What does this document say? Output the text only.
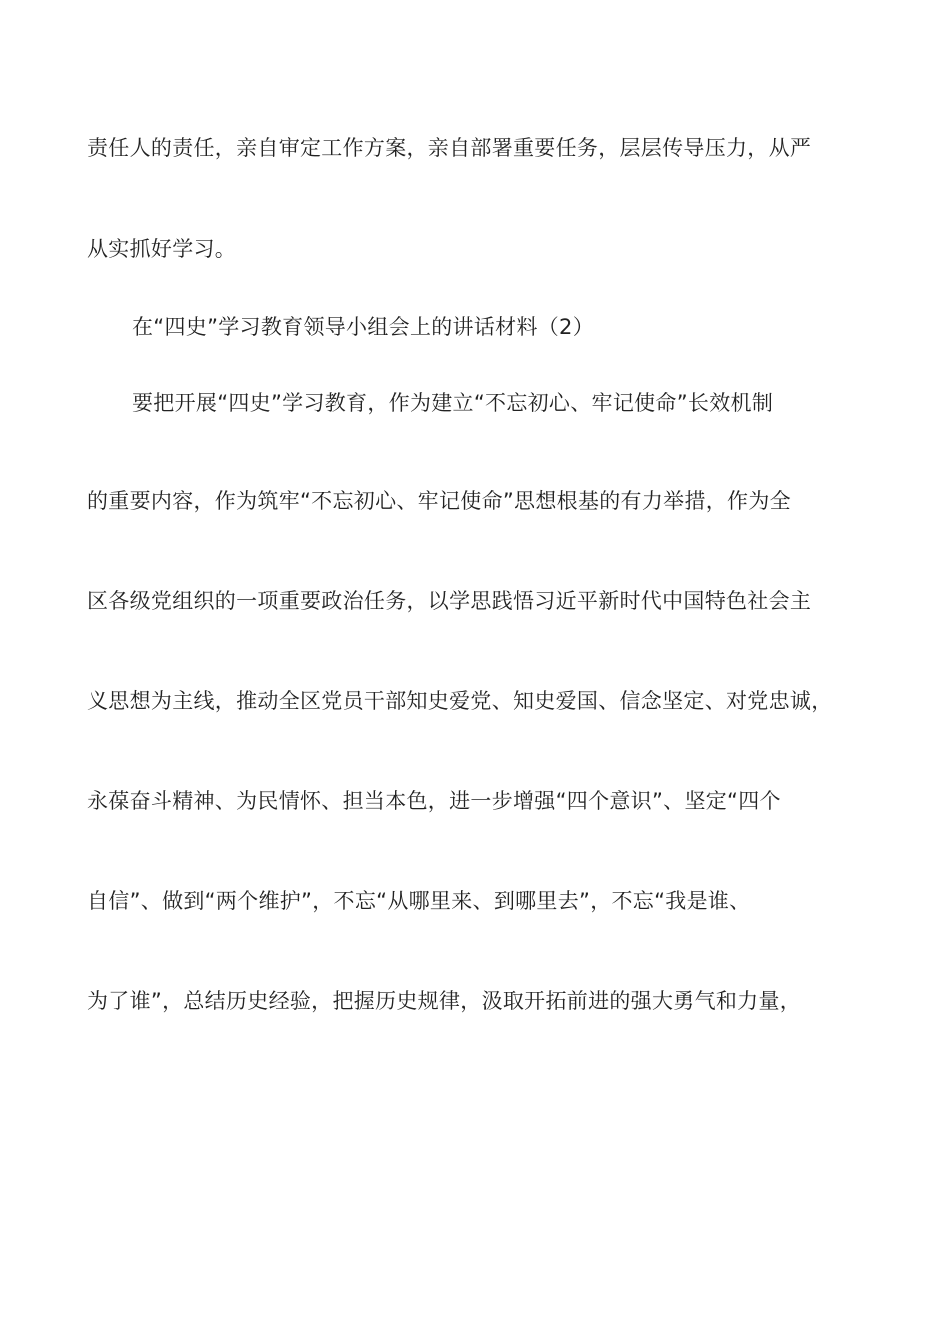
责任人的责任，亲自审定工作方案，亲自部署重要任务，层层传导压力，从严
从实抓好学习。
在“四史”学习教育领导小组会上的讲话材料（2）
要把开展“四史”学习教育，作为建立“不忘初心、牢记使命”长效机制
的重要内容，作为筑牢“不忘初心、牢记使命”思想根基的有力举措，作为全
区各级党组织的一项重要政治任务，以学思践悟习近平新时代中国特色社会主
义思想为主线，推动全区党员干部知史爱党、知史爱国、信念坚定、对党忠诚，
永葆奋斗精神、为民情怀、担当本色，进一步增强“四个意识”、坚定“四个
自信”、做到“两个维护”，不忘“从哪里来、到哪里去”，不忘“我是谁、
为了谁”，总结历史经验，把握历史规律，汲取开拓前进的强大勇气和力量，
